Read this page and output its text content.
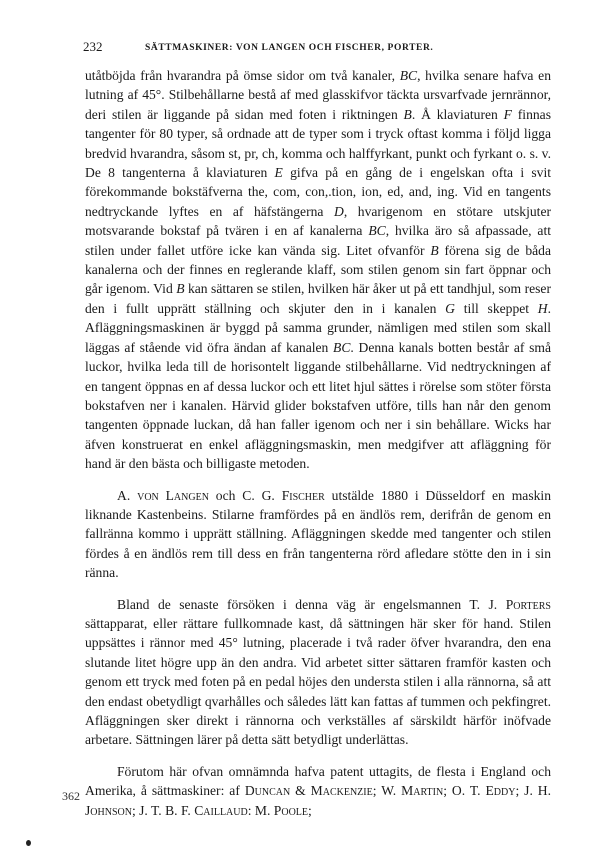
232	SÄTTMASKINER: VON LANGEN OCH FISCHER, PORTER.

utåtböjda från hvarandra på ömse sidor om två kanaler, BC, hvilka senare hafva en lutning af 45°. Stilbehållarne bestå af med glasskifvor täckta ursvarfvade jernrännor, deri stilen är liggande på sidan med foten i riktningen B. Å klaviaturen F finnas tangenter för 80 typer, så ordnade att de typer som i tryck oftast komma i följd ligga bredvid hvarandra, såsom st, pr, ch, komma och halffyrkant, punkt och fyrkant o. s. v. De 8 tangenterna å klaviaturen E gifva på en gång de i engelskan ofta i svit förekommande bokstäfverna the, com, con,.tion, ion, ed, and, ing. Vid en tangents nedtryckande lyftes en af häfstängerna D, hvarigenom en stötare utskjuter motsvarande bokstaf på tvären i en af kanalerna BC, hvilka äro så afpassade, att stilen under fallet utföre icke kan vända sig. Litet ofvanför B förena sig de båda kanalerna och der finnes en reglerande klaff, som stilen genom sin fart öppnar och går igenom. Vid B kan sättaren se stilen, hvilken här åker ut på ett tandhjul, som reser den i fullt upprätt ställning och skjuter den in i kanalen G till skeppet H. Afläggningsmaskinen är byggd på samma grunder, nämligen med stilen som skall läggas af stående vid öfra ändan af kanalen BC. Denna kanals botten består af små luckor, hvilka leda till de horisontelt liggande stilbehållarne. Vid nedtryckningen af en tangent öppnas en af dessa luckor och ett litet hjul sättes i rörelse som stöter första bokstafven ner i kanalen. Härvid glider bokstafven utföre, tills han når den genom tangenten öppnade luckan, då han faller igenom och ner i sin behållare. Wicks har äfven konstruerat en enkel afläggningsmaskin, men medgifver att afläggning för hand är den bästa och billigaste metoden.

A. von Langen och C. G. Fischer utstälde 1880 i Düsseldorf en maskin liknande Kastenbeins. Stilarne framfördes på en ändlös rem, derifrån de genom en fallränna kommo i upprätt ställning. Afläggningen skedde med tangenter och stilen fördes å en ändlös rem till dess en från tangenterna rörd afledare stötte den in i sin ränna.

Bland de senaste försöken i denna väg är engelsmannen T. J. Porters sättapparat, eller rättare fullkomnade kast, då sättningen här sker för hand. Stilen uppsättes i rännor med 45° lutning, placerade i två rader öfver hvarandra, den ena slutande litet högre upp än den andra. Vid arbetet sitter sättaren framför kasten och genom ett tryck med foten på en pedal höjes den understa stilen i alla rännorna, så att den endast obetydligt qvarhålles och således lätt kan fattas af tummen och pekfingret. Afläggningen sker direkt i rännorna och verkställes af särskildt härför inöfvade arbetare. Sättningen lärer på detta sätt betydligt underlättas.

Förutom här ofvan omnämnda hafva patent uttagits, de flesta i England och Amerika, å sättmaskiner: af Duncan & Mackenzie; W. Martin; O. T. Eddy; J. H. Johnson; J. T. B. F. Caillaud: M. Poole;

362
